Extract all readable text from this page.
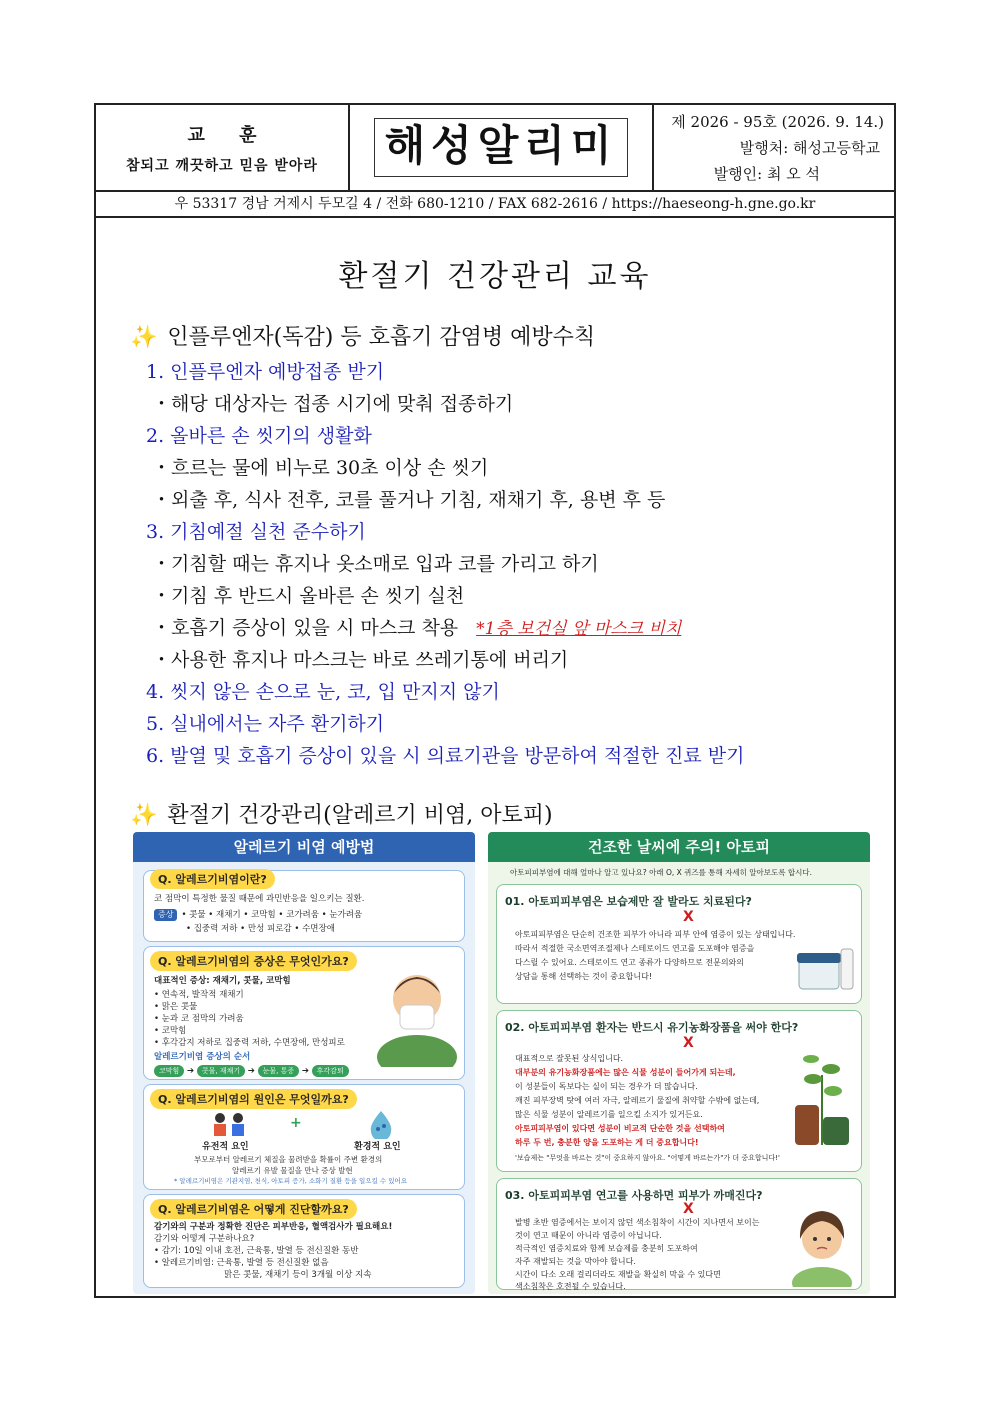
교 훈
참되고 깨끗하고 믿음 받아라	해성알리미	제 2026 - 95호 (2026. 9. 14.)
발행처: 해성고등학교
발행인: 최 오 석
우 53317 경남 거제시 두모길 4 / 전화 680-1210 / FAX 682-2616 / https://haeseong-h.gne.go.kr
환절기 건강관리 교육
✨ 인플루엔자(독감) 등 호흡기 감염병 예방수칙
1. 인플루엔자 예방접종 받기
・해당 대상자는 접종 시기에 맞춰 접종하기
2. 올바른 손 씻기의 생활화
・흐르는 물에 비누로 30초 이상 손 씻기
・외출 후, 식사 전후, 코를 풀거나 기침, 재채기 후, 용변 후 등
3. 기침예절 실천 준수하기
・기침할 때는 휴지나 옷소매로 입과 코를 가리고 하기
・기침 후 반드시 올바른 손 씻기 실천
・호흡기 증상이 있을 시 마스크 착용 *1층 보건실 앞 마스크 비치
・사용한 휴지나 마스크는 바로 쓰레기통에 버리기
4. 씻지 않은 손으로 눈, 코, 입 만지지 않기
5. 실내에서는 자주 환기하기
6. 발열 및 호흡기 증상이 있을 시 의료기관을 방문하여 적절한 진료 받기
✨ 환절기 건강관리(알레르기 비염, 아토피)
알레르기 비염 예방법
Q. 알레르기비염이란?
코 점막이 특정한 물질 때문에 과민반응을 일으키는 질환.
증상 • 콧물 • 재채기 • 코막힘 • 코가려움 • 눈가려움
• 집중력 저하 • 만성 피로감 • 수면장애
Q. 알레르기비염의 증상은 무엇인가요?
대표적인 증상: 재채기, 콧물, 코막힘
• 연속적, 발작적 재채기
• 맑은 콧물
• 눈과 코 점막의 가려움
• 코막힘
• 후각감지 저하로 집중력 저하, 수면장애, 만성피로
알레르기비염 증상의 순서
코막힘 ➔ 콧물, 재채기 ➔ 눈물, 통증 ➔ 후각감퇴
Q. 알레르기비염의 원인은 무엇일까요?
+
유전적 요인	환경적 요인
부모로부터 알레르기 체질을 물려받을 확률이 주변 환경의
알레르기 유발 물질을 만나 증상 발현
* 알레르기비염은 기관지염, 천식, 아토피 증가, 소화기 질환 등을 일으킬 수 있어요
Q. 알레르기비염은 어떻게 진단할까요?
감기와의 구분과 정확한 진단은 피부반응, 혈액검사가 필요해요!
감기와 어떻게 구분하나요?
• 감기: 10일 이내 호전, 근육통, 발열 등 전신질환 동반
• 알레르기비염: 근육통, 발열 등 전신질환 없음
맑은 콧물, 재채기 등이 3개월 이상 지속
건조한 날씨에 주의! 아토피
아토피피부염에 대해 얼마나 알고 있나요? 아래 O, X 퀴즈를 통해 자세히 알아보도록 합시다.
01. 아토피피부염은 보습제만 잘 발라도 치료된다?
X
아토피피부염은 단순히 건조한 피부가 아니라 피부 안에 염증이 있는 상태입니다.
따라서 적절한 국소면역조절제나 스테로이드 연고를 도포해야 염증을
다스릴 수 있어요. 스테로이드 연고 종류가 다양하므로 전문의와의
상담을 통해 선택하는 것이 중요합니다!
02. 아토피피부염 환자는 반드시 유기농화장품을 써야 한다?
X
대표적으로 잘못된 상식입니다.
대부분의 유기농화장품에는 많은 식물 성분이 들어가게 되는데,
이 성분들이 독보다는 실이 되는 경우가 더 많습니다.
깨진 피부장벽 탓에 여러 자극, 알레르기 물질에 취약할 수밖에 없는데,
많은 식물 성분이 알레르기를 일으킬 소지가 있거든요.
아토피피부염이 있다면 성분이 비교적 단순한 것을 선택하여
하루 두 번, 충분한 양을 도포하는 게 더 중요합니다!
'보습제는 "무엇을 바르는 것"이 중요하지 않아요. "어떻게 바르는가"가 더 중요합니다!'
03. 아토피피부염 연고를 사용하면 피부가 까매진다?
X
발병 초반 염증에서는 보이지 않던 색소침착이 시간이 지나면서 보이는
것이 연고 때문이 아니라 염증이 아닙니다.
적극적인 염증치료와 함께 보습제를 충분히 도포하여
자주 재발되는 것을 막아야 합니다.
시간이 다소 오래 걸리더라도 재발을 확실히 막을 수 있다면
색소침착은 호전될 수 있습니다.
